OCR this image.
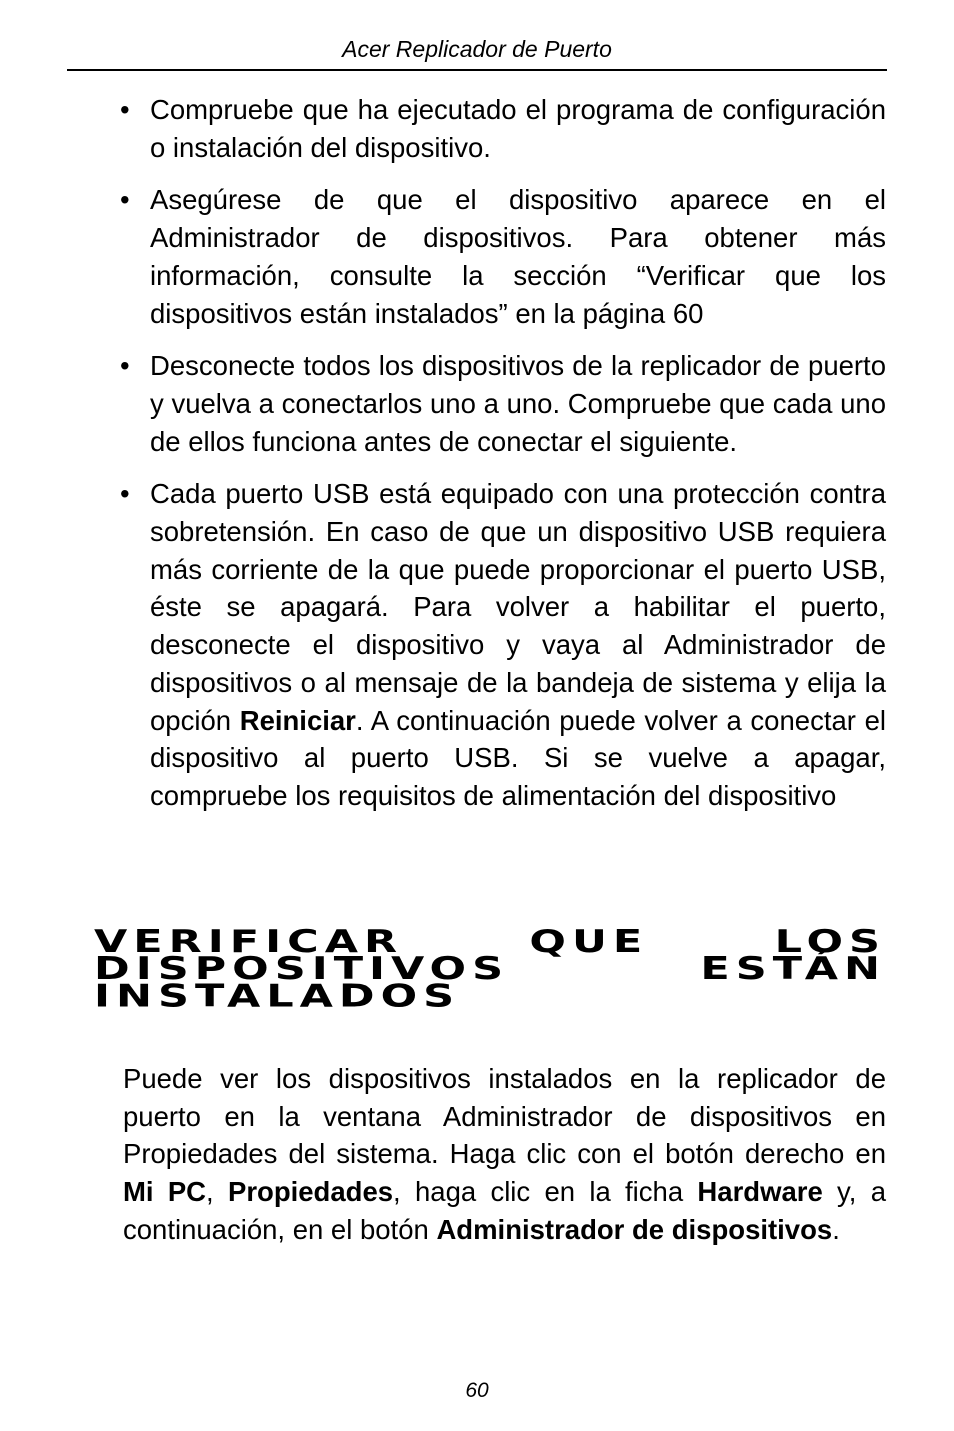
Acer Replicador de Puerto
• Compruebe que ha ejecutado el programa de configuración o instalación del dispositivo.
• Asegúrese de que el dispositivo aparece en el Administrador de dispositivos. Para obtener más información, consulte la sección “Verificar que los dispositivos están instalados” en la página 60
• Desconecte todos los dispositivos de la replicador de puerto y vuelva a conectarlos uno a uno. Compruebe que cada uno de ellos funciona antes de conectar el siguiente.
• Cada puerto USB está equipado con una protección contra sobretensión. En caso de que un dispositivo USB requiera más corriente de la que puede proporcionar el puerto USB, éste se apagará. Para volver a habilitar el puerto, desconecte el dispositivo y vaya al Administrador de dispositivos o al mensaje de la bandeja de sistema y elija la opción Reiniciar. A continuación puede volver a conectar el dispositivo al puerto USB. Si se vuelve a apagar, compruebe los requisitos de alimentación del dispositivo
VERIFICAR QUE LOS DISPOSITIVOS ESTÁN INSTALADOS

Puede ver los dispositivos instalados en la replicador de puerto en la ventana Administrador de dispositivos en Propiedades del sistema. Haga clic con el botón derecho en Mi PC, Propiedades, haga clic en la ficha Hardware y, a continuación, en el botón Administrador de dispositivos.

60
